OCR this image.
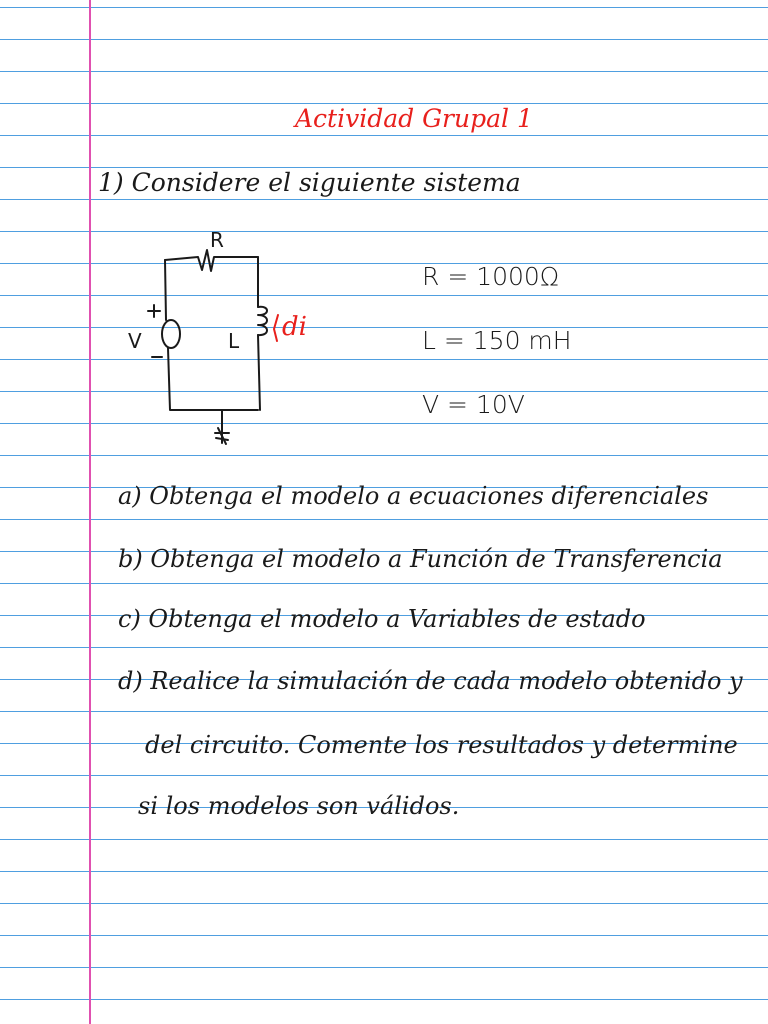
Actividad Grupal 1
1) Considere el siguiente sistema
R
V	L di
+
−
R = 1000Ω
L = 150 mH
V = 10V
a) Obtenga el modelo a ecuaciones diferenciales
b) Obtenga el modelo a Función de Transferencia
c) Obtenga el modelo a Variables de estado
d) Realice la simulación de cada modelo obtenido y
del circuito. Comente los resultados y determine
si los modelos son válidos.
